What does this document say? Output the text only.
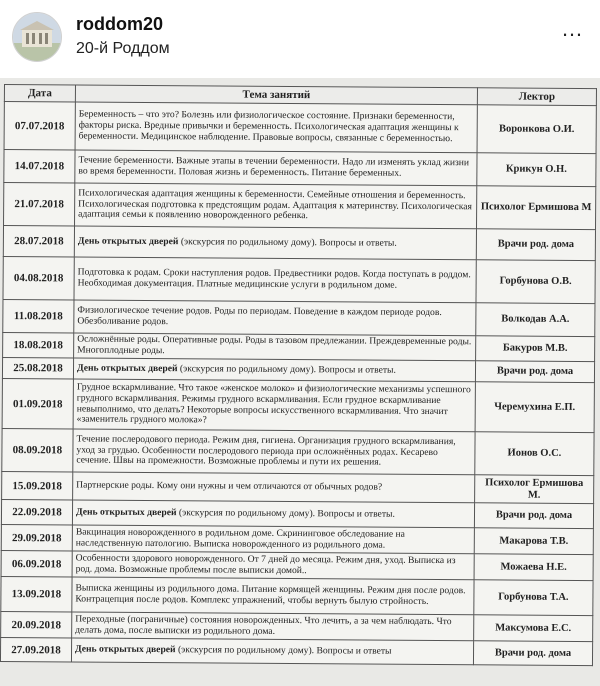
roddom20
20-й Роддом
…
Дата	Тема занятий	Лектор
07.07.2018	Беременность – что это? Болезнь или физиологическое состояние. Признаки беременности, факторы риска. Вредные привычки и беременность. Психологическая адаптация женщины к беременности. Медицинское наблюдение. Правовые вопросы, связанные с беременностью.	Воронкова О.И.
14.07.2018	Течение беременности. Важные этапы в течении беременности. Надо ли изменять уклад жизни во время беременности. Половая жизнь и беременность. Питание беременных.	Крикун О.Н.
21.07.2018	Психологическая адаптация женщины к беременности. Семейные отношения и беременность. Психологическая подготовка к предстоящим родам. Адаптация к материнству. Психологическая адаптация семьи к появлению новорожденного ребенка.	Психолог Ермишова М
28.07.2018	День открытых дверей (экскурсия по родильному дому). Вопросы и ответы.	Врачи род. дома
04.08.2018	Подготовка к родам. Сроки наступления родов. Предвестники родов. Когда поступать в роддом. Необходимая документация. Платные медицинские услуги в родильном доме.	Горбунова О.В.
11.08.2018	Физиологическое течение родов. Роды по периодам. Поведение в каждом периоде родов. Обезболивание родов.	Волкодав А.А.
18.08.2018	Осложнённые роды. Оперативные роды. Роды в тазовом предлежании. Преждевременные роды. Многоплодные роды.	Бакуров М.В.
25.08.2018	День открытых дверей (экскурсия по родильному дому). Вопросы и ответы.	Врачи род. дома
01.09.2018	Грудное вскармливание. Что такое «женское молоко» и физиологические механизмы успешного грудного вскармливания. Режимы грудного вскармливания. Если грудное вскармливание невыполнимо, что делать? Некоторые вопросы искусственного вскармливания. Что значит «заменитель грудного молока»?	Черемухина Е.П.
08.09.2018	Течение послеродового периода. Режим дня, гигиена. Организация грудного вскармливания, уход за грудью. Особенности послеродового периода при осложнённых родах. Кесарево сечение. Швы на промежности. Возможные проблемы и пути их решения.	Ионов О.С.
15.09.2018	Партнерские роды. Кому они нужны и чем отличаются от обычных родов?	Психолог Ермишова М.
22.09.2018	День открытых дверей (экскурсия по родильному дому). Вопросы и ответы.	Врачи род. дома
29.09.2018	Вакцинация новорожденного в родильном доме. Скрининговое обследование на наследственную патологию. Выписка новорожденного из родильного дома.	Макарова Т.В.
06.09.2018	Особенности здорового новорожденного. От 7 дней до месяца. Режим дня, уход. Выписка из род. дома. Возможные проблемы после выписки домой..	Можаева Н.Е.
13.09.2018	Выписка женщины из родильного дома. Питание кормящей женщины. Режим дня после родов. Контрацепция после родов. Комплекс упражнений, чтобы вернуть былую стройность.	Горбунова Т.А.
20.09.2018	Переходные (пограничные) состояния новорожденных. Что лечить, а за чем наблюдать. Что делать дома, после выписки из родильного дома.	Максумова Е.С.
27.09.2018	День открытых дверей (экскурсия по родильному дому). Вопросы и ответы	Врачи род. дома
